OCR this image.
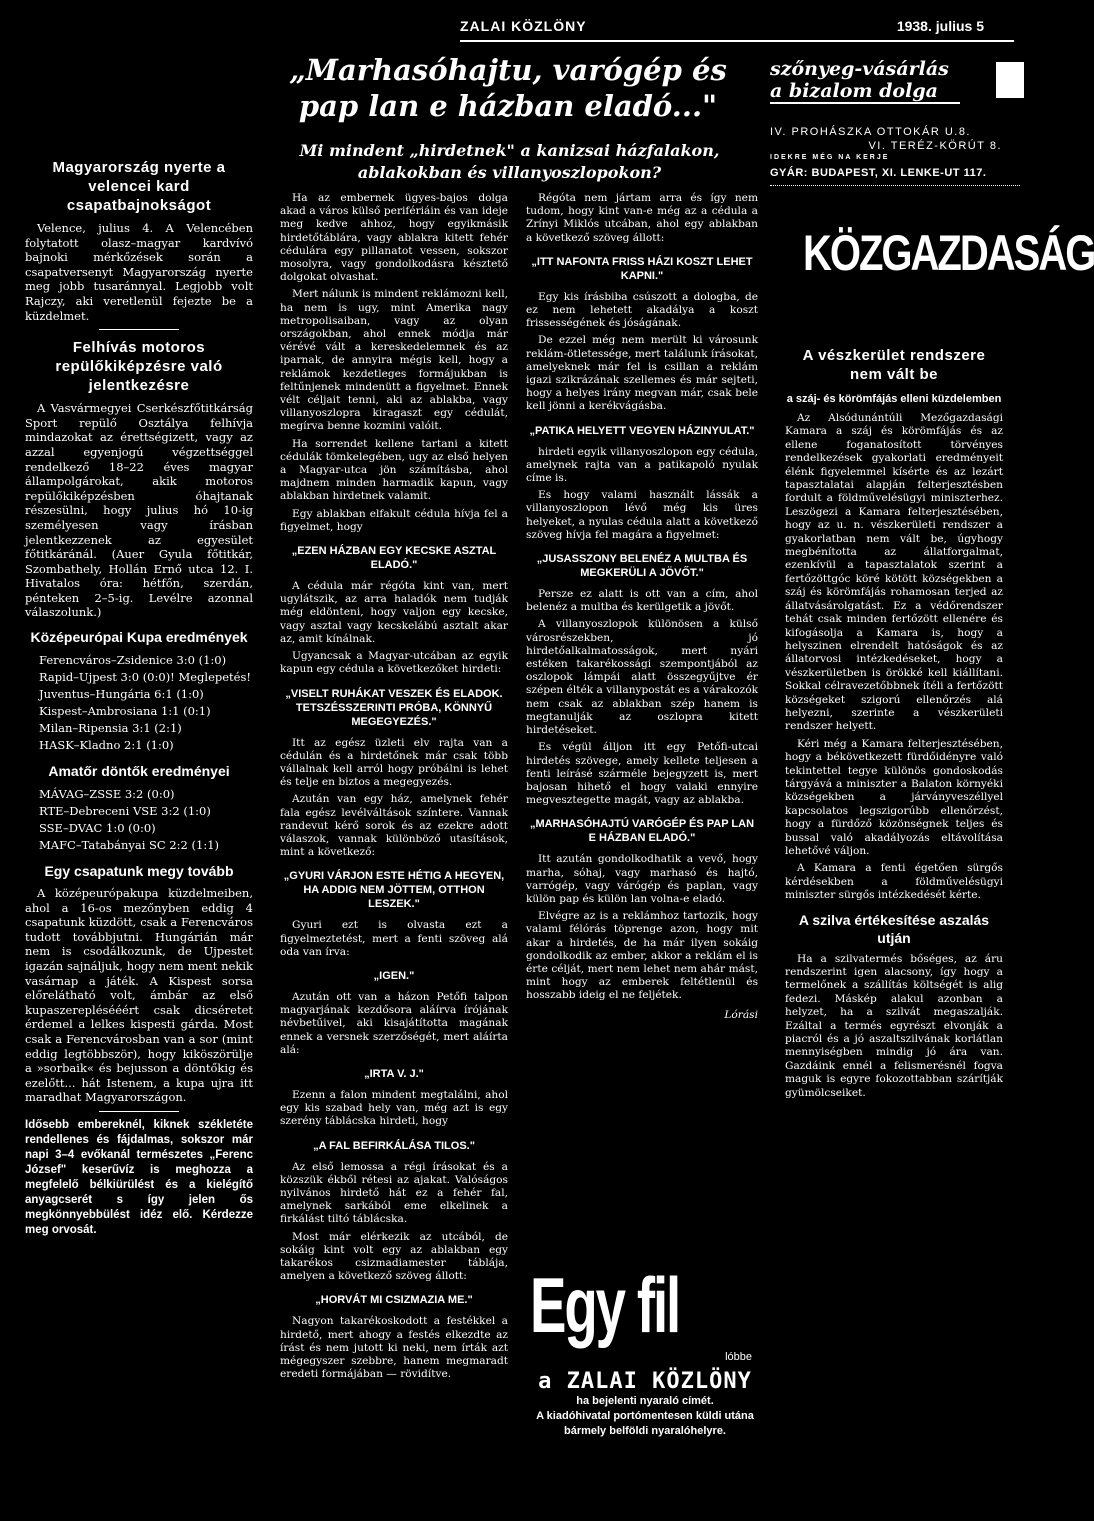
ZALAI KÖZLÖNY	1938. julius 5
Magyarország nyerte a velencei kard csapatbajnokságot

Velence, julius 4. A Velencében folytatott olasz–magyar kardvívó bajnoki mérkőzések során a csapatversenyt Magyarország nyerte meg jobb tusaránnyal. Legjobb volt Rajczy, aki veretlenül fejezte be a küzdelmet.

Felhívás motoros repülőkiképzésre való jelentkezésre

A Vasvármegyei Cserkészfőtitkárság Sport repülő Osztálya felhívja mindazokat az érettségizett, vagy az azzal egyenjogú végzettséggel rendelkező 18–22 éves magyar állampolgárokat, akik motoros repülőkiképzésben óhajtanak részesülni, hogy julius hó 10-ig személyesen vagy írásban jelentkezzenek az egyesület főtitkáránál. (Auer Gyula főtitkár, Szombathely, Hollán Ernő utca 12. I. Hivatalos óra: hétfőn, szerdán, pénteken 2–5-ig. Levélre azonnal válaszolunk.)

Középeurópai Kupa eredmények
Ferencváros–Zsidenice 3:0 (1:0)
Rapid–Ujpest 3:0 (0:0)! Meglepetés!
Juventus–Hungária 6:1 (1:0)
Kispest–Ambrosiana 1:1 (0:1)
Milan–Ripensia 3:1 (2:1)
HASK–Kladno 2:1 (1:0)
Amatőr döntők eredményei
MÁVAG–ZSSE 3:2 (0:0)
RTE–Debreceni VSE 3:2 (1:0)
SSE–DVAC 1:0 (0:0)
MAFC–Tatabányai SC 2:2 (1:1)
Egy csapatunk megy tovább

A középeurópakupa küzdelmeiben, ahol a 16-os mezőnyben eddig 4 csapatunk küzdött, csak a Ferencváros tudott továbbjutni. Hungárián már nem is csodálkozunk, de Ujpestet igazán sajnáljuk, hogy nem ment nekik vasárnap a játék. A Kispest sorsa előrelátható volt, ámbár az első kupaszereplésééért csak dicséretet érdemel a lelkes kispesti gárda. Most csak a Ferencvárosban van a sor (mint eddig legtöbbször), hogy kiköszörülje a »sorbaik« és bejusson a döntőkig és ezelőtt... hát Istenem, a kupa ujra itt maradhat Magyarországon.

Idősebb embereknél, kiknek székletéte rendellenes és fájdalmas, sokszor már napi 3–4 evőkanál természetes „Ferenc József" keserűvíz is meghozza a megfelelő bélkiürülést és a kielégítő anyagcserét s így jelen ős megkönnyebbülést idéz elő. Kérdezze meg orvosát.
„Marhasóhajtu, varógép és pap lan e házban eladó..."
Mi mindent „hirdetnek" a kanizsai házfalakon, ablakokban és villanyoszlopokon?

Ha az embernek ügyes-bajos dolga akad a város külső perifériáin és van ideje meg kedve ahhoz, hogy egyikmásik hirdetőtáblára, vagy ablakra kitett fehér cédulára egy pillanatot vessen, sokszor mosolyra, vagy gondolkodásra késztető dolgokat olvashat.

Mert nálunk is mindent reklámozni kell, ha nem is ugy, mint Amerika nagy metropolisaiban, vagy az olyan országokban, ahol ennek módja már vérévé vált a kereskedelemnek és az iparnak, de annyira mégis kell, hogy a reklámok kezdetleges formájukban is feltűnjenek mindenütt a figyelmet. Ennek vélt céljait tenni, aki az ablakba, vagy villanyoszlopra kiragaszt egy cédulát, megírva benne kozmini valóit.

Ha sorrendet kellene tartani a kitett cédulák tömkelegében, ugy az első helyen a Magyar-utca jön számításba, ahol majdnem minden harmadik kapun, vagy ablakban hirdetnek valamit.

Egy ablakban elfakult cédula hívja fel a figyelmet, hogy

„EZEN HÁZBAN EGY KECSKE ASZTAL ELADÓ."

A cédula már régóta kint van, mert ugylátszik, az arra haladók nem tudják még eldönteni, hogy valjon egy kecske, vagy asztal vagy kecskelábú asztalt akar az, amit kínálnak.

Ugyancsak a Magyar-utcában az egyik kapun egy cédula a következőket hirdeti:

„VISELT RUHÁKAT VESZEK ÉS ELADOK. TETSZÉSSZERINTI PRÓBA, KÖNNYŰ MEGEGYEZÉS."

Itt az egész üzleti elv rajta van a cédulán és a hirdetőnek már csak több vállalnak kell arról hogy próbálni is lehet és telje en biztos a megegyezés.

Azután van egy ház, amelynek fehér fala egész levélváltások színtere. Vannak randevut kérő sorok és az ezekre adott válaszok, vannak különböző utasítások, mint a következő:

„GYURI VÁRJON ESTE HÉTIG A HEGYEN, HA ADDIG NEM JÖTTEM, OTTHON LESZEK."

Gyuri ezt is olvasta ezt a figyelmeztetést, mert a fenti szöveg alá oda van írva:

„IGEN."

Azután ott van a házon Petőfi talpon magyarjának kezdősora aláírva írójának névbetűivel, aki kisajátította magának ennek a versnek szerzőségét, mert aláírta alá:

„IRTA V. J."

Ezenn a falon mindent megtalálni, ahol egy kis szabad hely van, még azt is egy szerény táblácska hirdeti, hogy

„A FAL BEFIRKÁLÁSA TILOS."

Az első lemossa a régi írásokat és a közszük ékből rétesi az ajakat. Valóságos nyilvános hirdető hát ez a fehér fal, amelynek sarkából eme elkelinek a firkálást tiltó táblácska.

Most már elérkezik az utcából, de sokáig kint volt egy az ablakban egy takarékos csizmadiamester táblája, amelyen a következő szöveg állott:

„HORVÁT MI CSIZMAZIA ME."

Nagyon takarékoskodott a festékkel a hirdető, mert ahogy a festés elkezdte az írást és nem jutott ki neki, nem írták azt mégegyszer szebbre, hanem megmaradt eredeti formájában — rövidítve.

Régóta nem jártam arra és így nem tudom, hogy kint van-e még az a cédula a Zrínyi Miklós utcában, ahol egy ablakban a következő szöveg állott:

„ITT NAFONTA FRISS HÁZI KOSZT LEHET KAPNI."

Egy kis írásbiba csúszott a dologba, de ez nem lehetett akadálya a koszt frissességének és jóságának.

De ezzel még nem merült ki városunk reklám-ötletessége, mert találunk írásokat, amelyeknek már fel is csillan a reklám igazi szikrázának szellemes és már sejteti, hogy a helyes irány megvan már, csak bele kell jönni a kerékvágásba.

„PATIKA HELYETT VEGYEN HÁZINYULAT."

hirdeti egyik villanyoszlopon egy cédula, amelynek rajta van a patikapoló nyulak címe is.

Es hogy valami használt lássák a villanyoszlopon lévő még kis üres helyeket, a nyulas cédula alatt a következő szöveg hívja fel magára a figyelmet:

„JUSASSZONY BELENÉZ A MULTBA ÉS MEGKERÜLI A JÖVŐT."

Persze ez alatt is ott van a cím, ahol belenéz a multba és kerülgetik a jövőt.

A villanyoszlopok különösen a külső városrészekben, jó hirdetőalkalmatosságok, mert nyári estéken takarékossági szempontjából az oszlopok lámpái alatt összegyűjtve ér szépen élték a villanypostát es a várakozók nem csak az ablakban szép hanem is megtanulják az oszlopra kitett hirdetéseket.

Es végül álljon itt egy Petőfi-utcai hirdetés szövege, amely kellete teljesen a fenti leírásé szárméle bejegyzett is, mert bajosan hihető el hogy valaki ennyire megvesztegette magát, vagy az ablakba.

„MARHASÓHAJTÚ VARÓGÉP ÉS PAP LAN E HÁZBAN ELADÓ."

Itt azután gondolkodhatik a vevő, hogy marha, sóhaj, vagy marhasó és hajtó, varrógép, vagy várógép és paplan, vagy külön pap és külön lan volna-e eladó.

Elvégre az is a reklámhoz tartozik, hogy valami félórás töprenge azon, hogy mit akar a hirdetés, de ha már ilyen sokáig gondolkodik az ember, akkor a reklám el is érte célját, mert nem lehet nem ahár mást, mint hogy az emberek feltétlenül és hosszabb ideig el ne feljétek.

Lórási
Egy fil
lóbbe
a ZALAI KÖZLÖNY
ha bejelenti nyaraló címét.
A kiadóhivatal portómentesen küldi utána bármely belföldi nyaralóhelyre.
szőnyeg-vásárlás
a bizalom dolga
IV. PROHÁSZKA OTTOKÁR U.8.
VI. TERÉZ-KÖRÚT 8.
IDEKRE MÉG NA KERJE
GYÁR: BUDAPEST, XI. LENKE-UT 117.
KÖZGAZDASÁG
A vészkerület rendszere nem vált be
a száj- és körömfájás elleni küzdelemben

Az Alsódunántúli Mezőgazdasági Kamara a száj és körömfájás és az ellene foganatosított törvényes rendelkezések gyakorlati eredményeit élénk figyelemmel kísérte és az lezárt tapasztalatai alapján felterjesztésben fordult a földművelésügyi miniszterhez. Leszögezi a Kamara felterjesztésében, hogy az u. n. vészkerületi rendszer a gyakorlatban nem vált be, úgyhogy megbénította az állatforgalmat, ezenkívül a tapasztalatok szerint a fertőzöttgóc köré kötött községekben a száj és körömfájás rohamosan terjed az állatvásárolgatást. Ez a védőrendszer tehát csak minden fertőzött ellenére és kifogásolja a Kamara is, hogy a helyszinen elrendelt hatóságok és az állatorvosi intézkedéseket, hogy a vészkerületben is örökké kell kiállítani. Sokkal célravezetőbbnek ítéli a fertőzött községeket szigorú ellenőrzés alá helyezni, szerinte a vészkerületi rendszer helyett.

Kéri még a Kamara felterjesztésében, hogy a békövetkezett fürdőidényre való tekintettel tegye különös gondoskodás tárgyává a miniszter a Balaton környéki községekben a járványveszéllyel kapcsolatos legszigorúbb ellenőrzést, hogy a fürdőző közönségnek teljes és bussal való akadályozás eltávolítása lehetővé váljon.

A Kamara a fenti égetően sürgős kérdésekben a földművelésügyi miniszter sürgős intézkedését kérte.

A szilva értékesítése aszalás utján

Ha a szilvatermés bőséges, az áru rendszerint igen alacsony, így hogy a termelőnek a szállítás költségét is alig fedezi. Máskép alakul azonban a helyzet, ha a szilvát megaszalják. Ezáltal a termés egyrészt elvonják a piacról és a jó aszaltszilvának korlátlan mennyiségben mindig jó ára van. Gazdáink ennél a felismerésnél fogva maguk is egyre fokozottabban szárítják gyümölcseiket.
